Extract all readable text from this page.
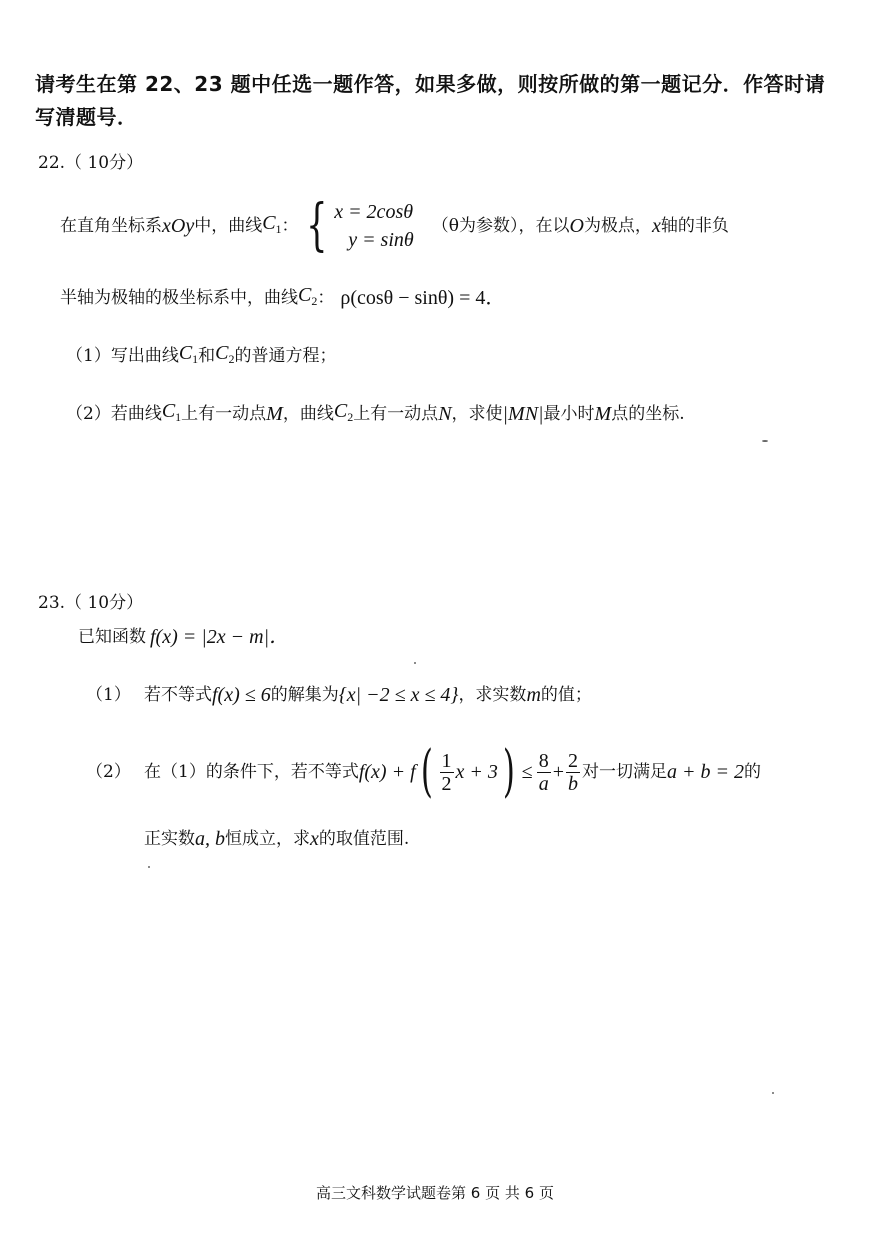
请考生在第 22、23 题中任选一题作答，如果多做，则按所做的第一题记分．作答时请写清题号．
22.（ 10分）
在直角坐标系 xOy 中，曲线 $C_1$ ： { x = 2cosθ
y = sinθ
（θ为参数），在以 O 为极点， x 轴的非负
半轴为极轴的极坐标系中，曲线 $C_2$ ： ρ(cosθ − sinθ) = 4．
（1） 写出曲线 $C_1$ 和 $C_2$ 的普通方程；
（2） 若曲线 $C_1$ 上有一动点 M ，曲线 $C_2$ 上有一动点 N ，求使 |MN| 最小时 M 点的坐标.
23.（ 10分）
已知函数 f(x) = |2x − m|．
（1） 若不等式 f(x) ≤ 6 的解集为 {x| −2 ≤ x ≤ 4} ，求实数 m 的值；
（2） 在（1）的条件下，若不等式 f(x) + f ( $\frac{1}{2}$ x + 3 ) ≤ $\frac{8}{a} + \frac{2}{b}$ 对一切满足 a + b = 2 的
正实数 a, b 恒成立，求 x 的取值范围.
高三文科数学试题卷第 6 页 共 6 页
